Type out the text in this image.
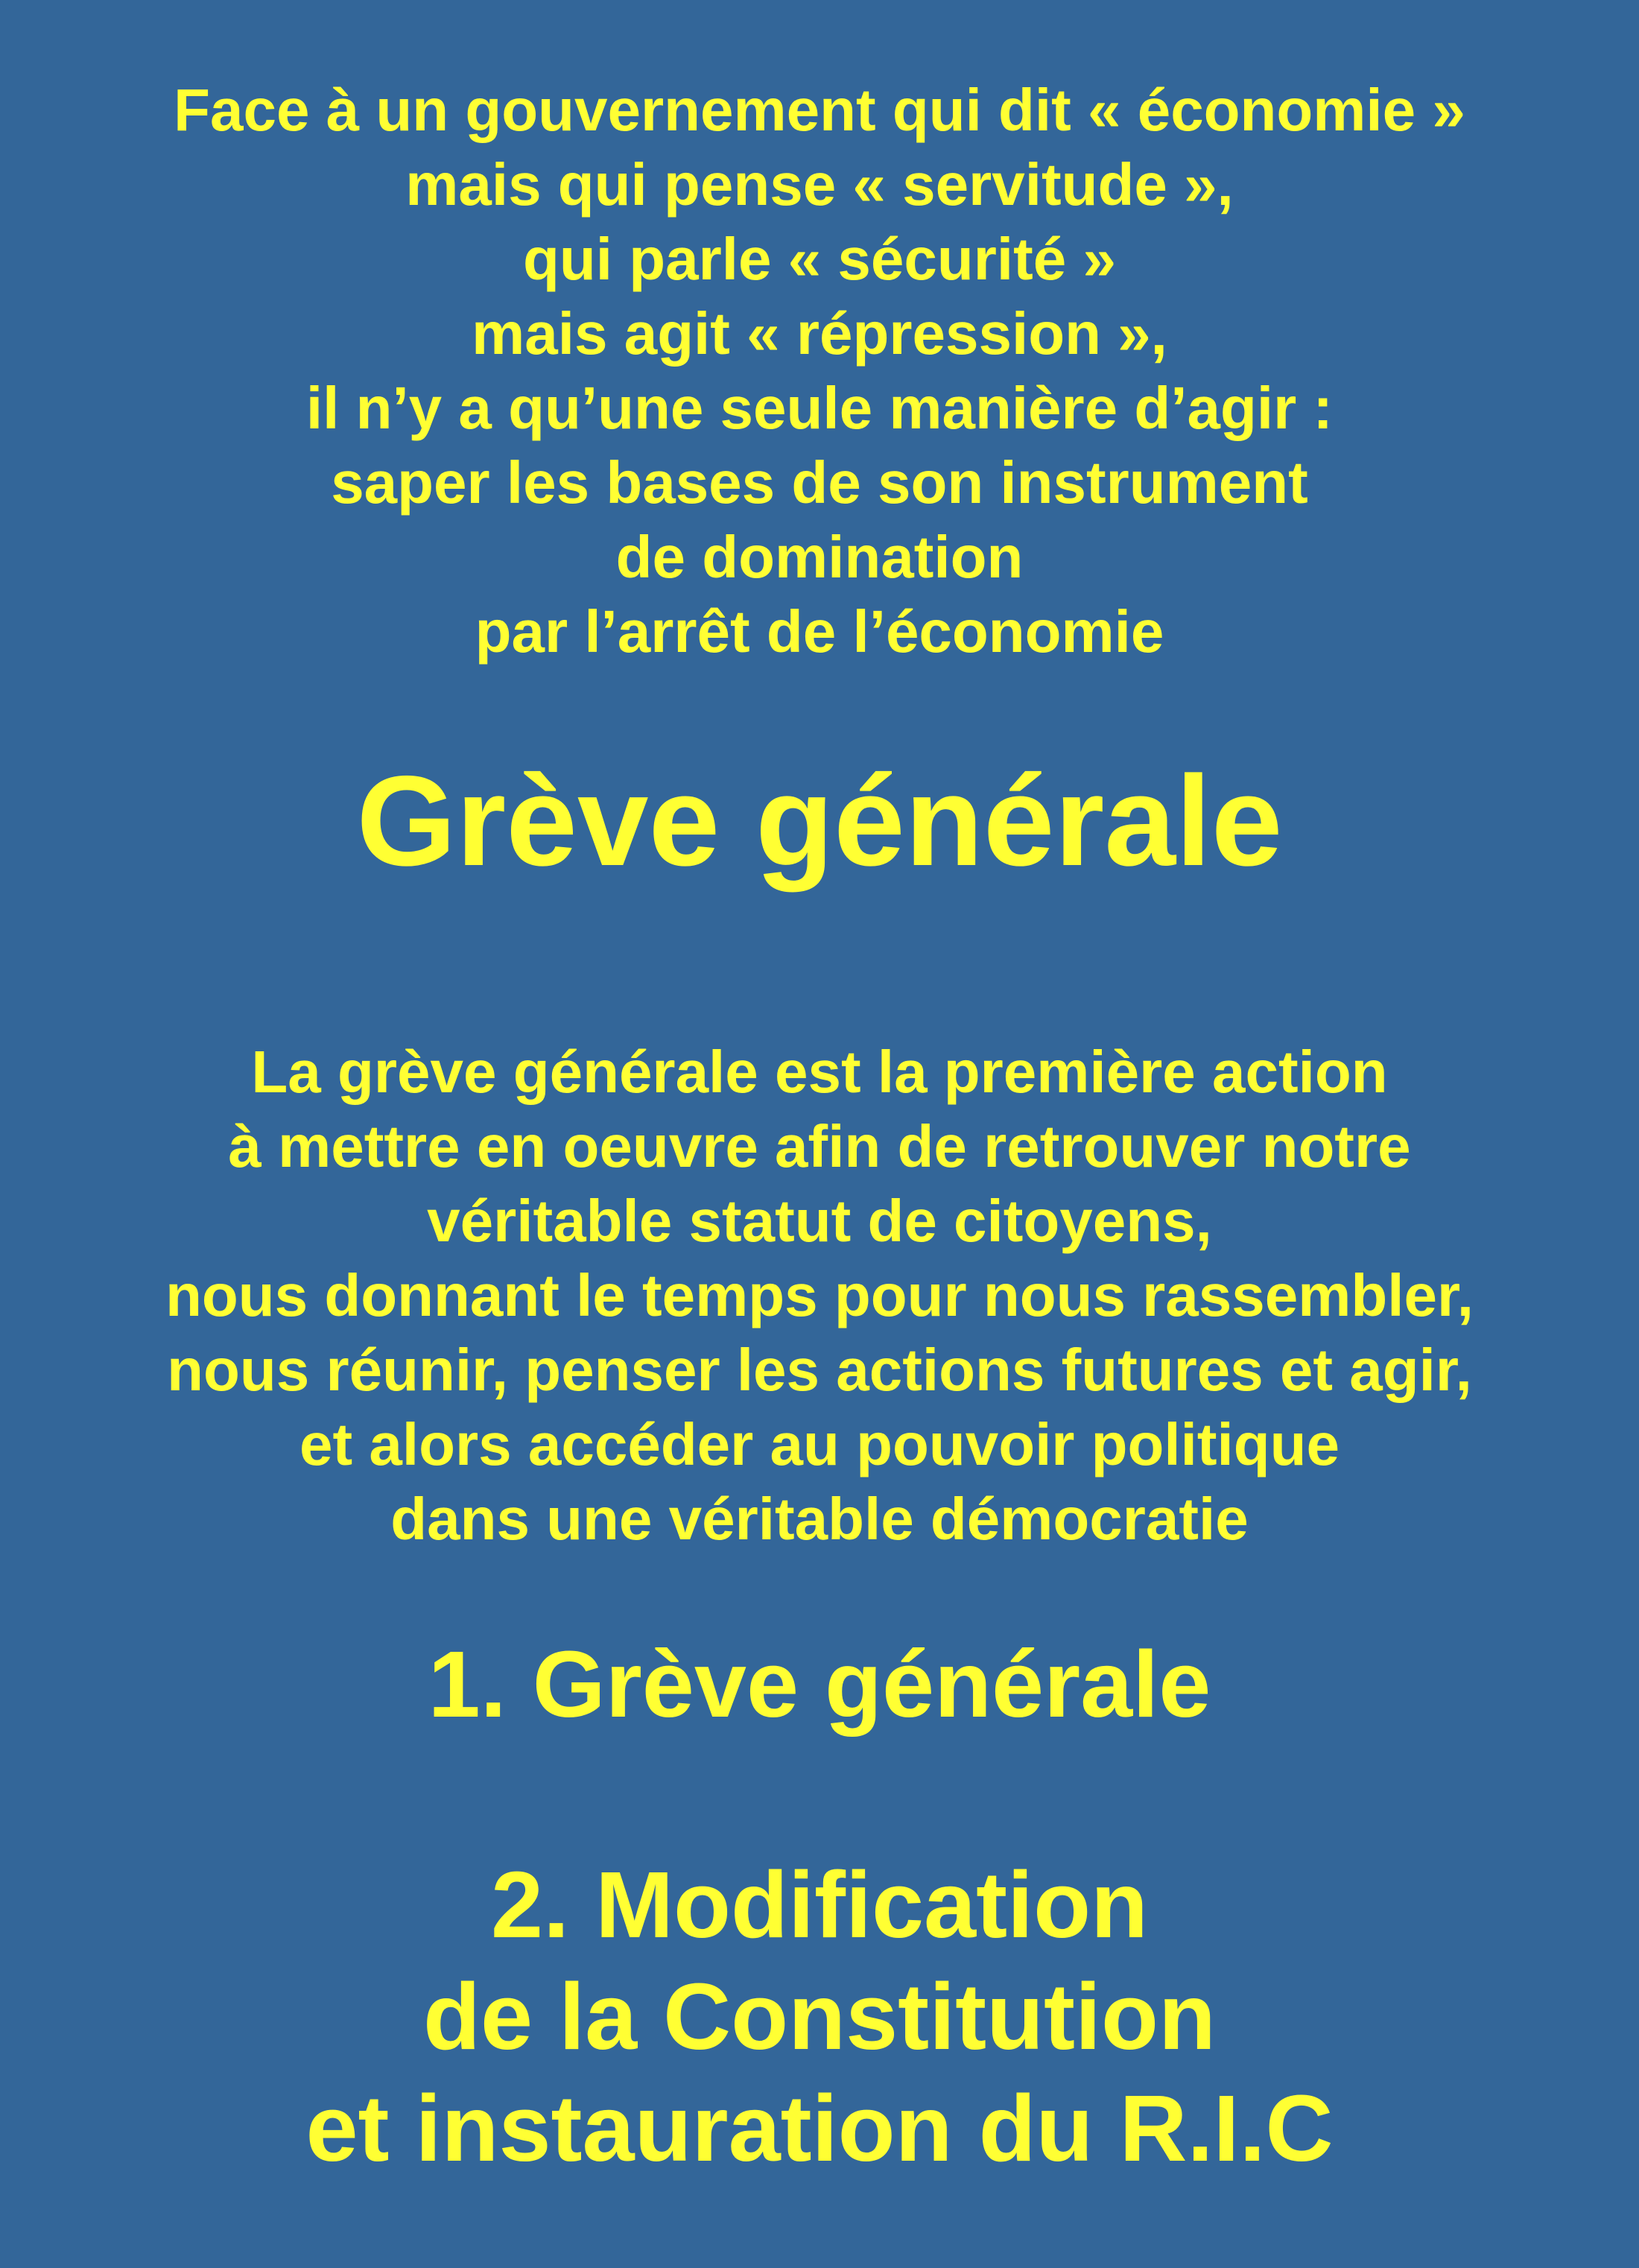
Face à un gouvernement qui dit « économie »
mais qui pense « servitude »,
qui parle « sécurité »
mais agit « répression »,
il n’y a qu’une seule manière d’agir :
saper les bases de son instrument
de domination
par l’arrêt de l’économie
Grève générale
La grève générale est la première action
à mettre en oeuvre afin de retrouver notre
véritable statut de citoyens,
nous donnant le temps pour nous rassembler,
nous réunir, penser les actions futures et agir,
et alors accéder au pouvoir politique
dans une véritable démocratie
1. Grève générale
2. Modification
de la Constitution
et instauration du R.I.C
